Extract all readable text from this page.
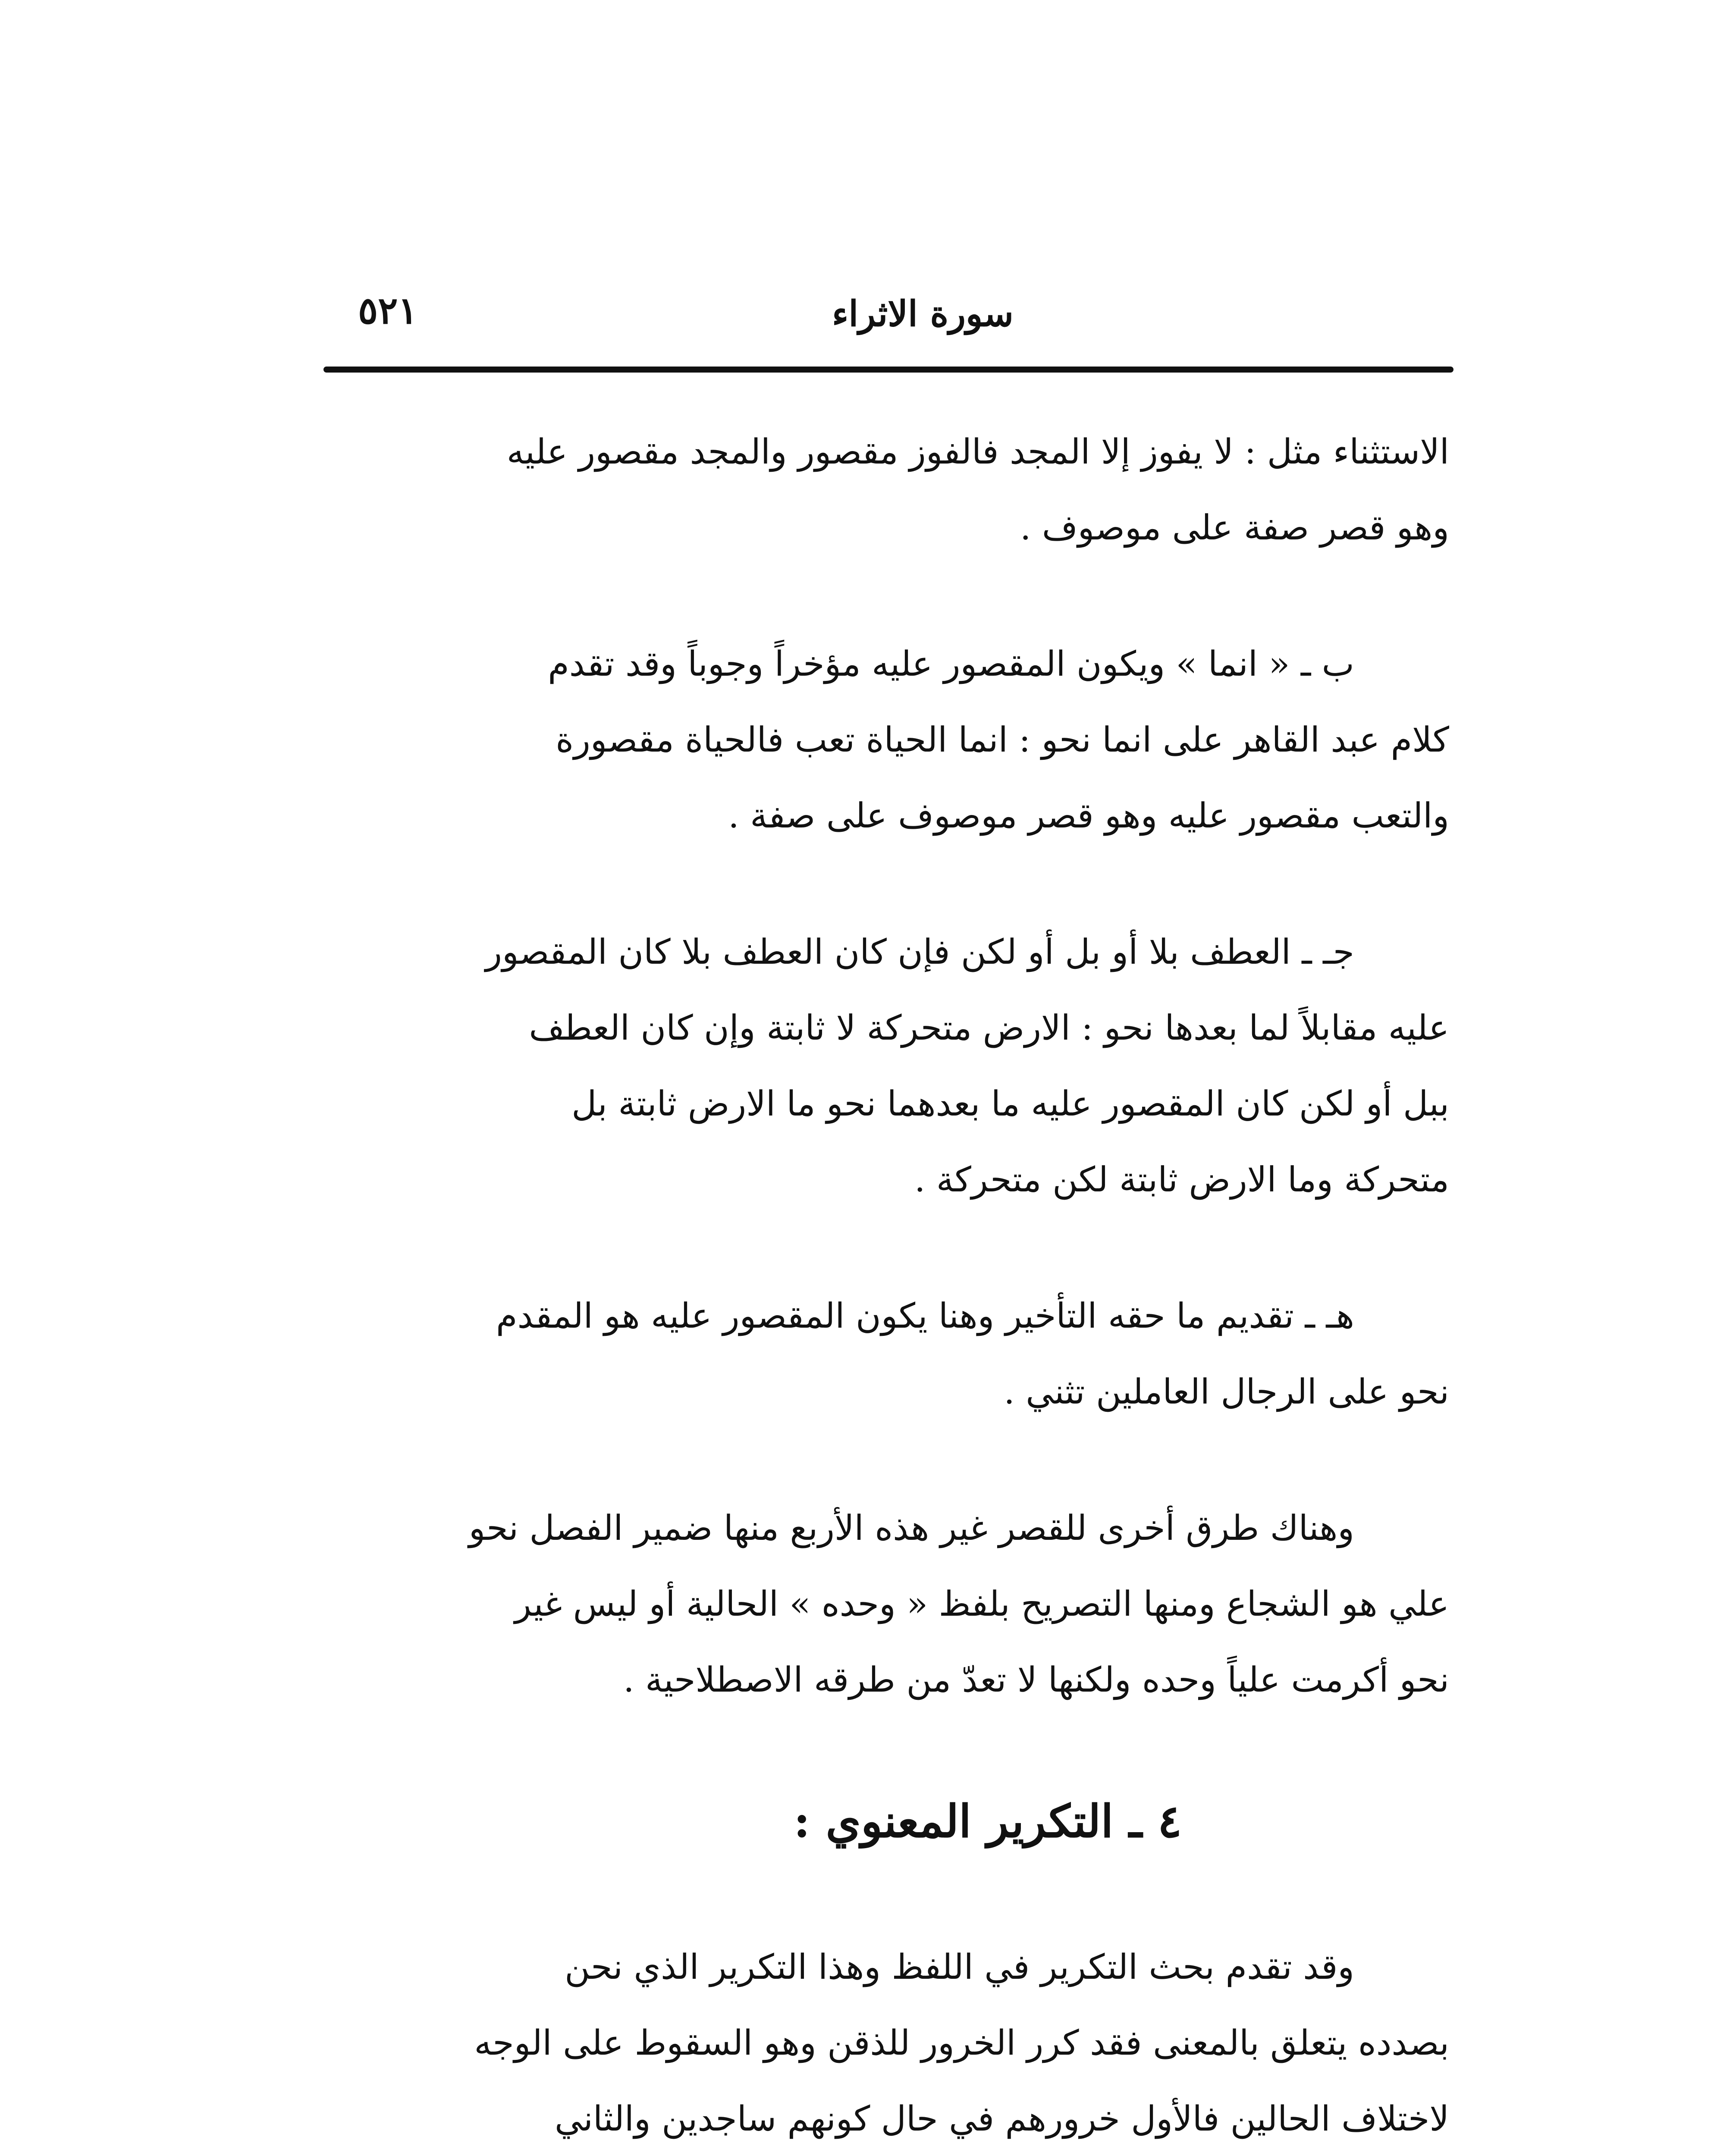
سورة الاثراء
٥٢١
الاستثناء مثل : لا يفوز إلا المجد فالفوز مقصور والمجد مقصور عليه
وهو قصر صفة على موصوف .
ب ـ « انما » ويكون المقصور عليه مؤخراً وجوباً وقد تقدم
كلام عبد القاهر على انما نحو : انما الحياة تعب فالحياة مقصورة
والتعب مقصور عليه وهو قصر موصوف على صفة .
جـ ـ العطف بلا أو بل أو لكن فإن كان العطف بلا كان المقصور
عليه مقابلاً لما بعدها نحو : الارض متحركة لا ثابتة وإن كان العطف
ببل أو لكن كان المقصور عليه ما بعدهما نحو ما الارض ثابتة بل
متحركة وما الارض ثابتة لكن متحركة .
هـ ـ تقديم ما حقه التأخير وهنا يكون المقصور عليه هو المقدم
نحو على الرجال العاملين تثني .
وهناك طرق أخرى للقصر غير هذه الأربع منها ضمير الفصل نحو
علي هو الشجاع ومنها التصريح بلفظ « وحده » الحالية أو ليس غير
نحو أكرمت علياً وحده ولكنها لا تعدّ من طرقه الاصطلاحية .
٤ ـ التكرير المعنوي :
وقد تقدم بحث التكرير في اللفظ وهذا التكرير الذي نحن
بصدده يتعلق بالمعنى فقد كرر الخرور للذقن وهو السقوط على الوجه
لاختلاف الحالين فالأول خرورهم في حال كونهم ساجدين والثاني
